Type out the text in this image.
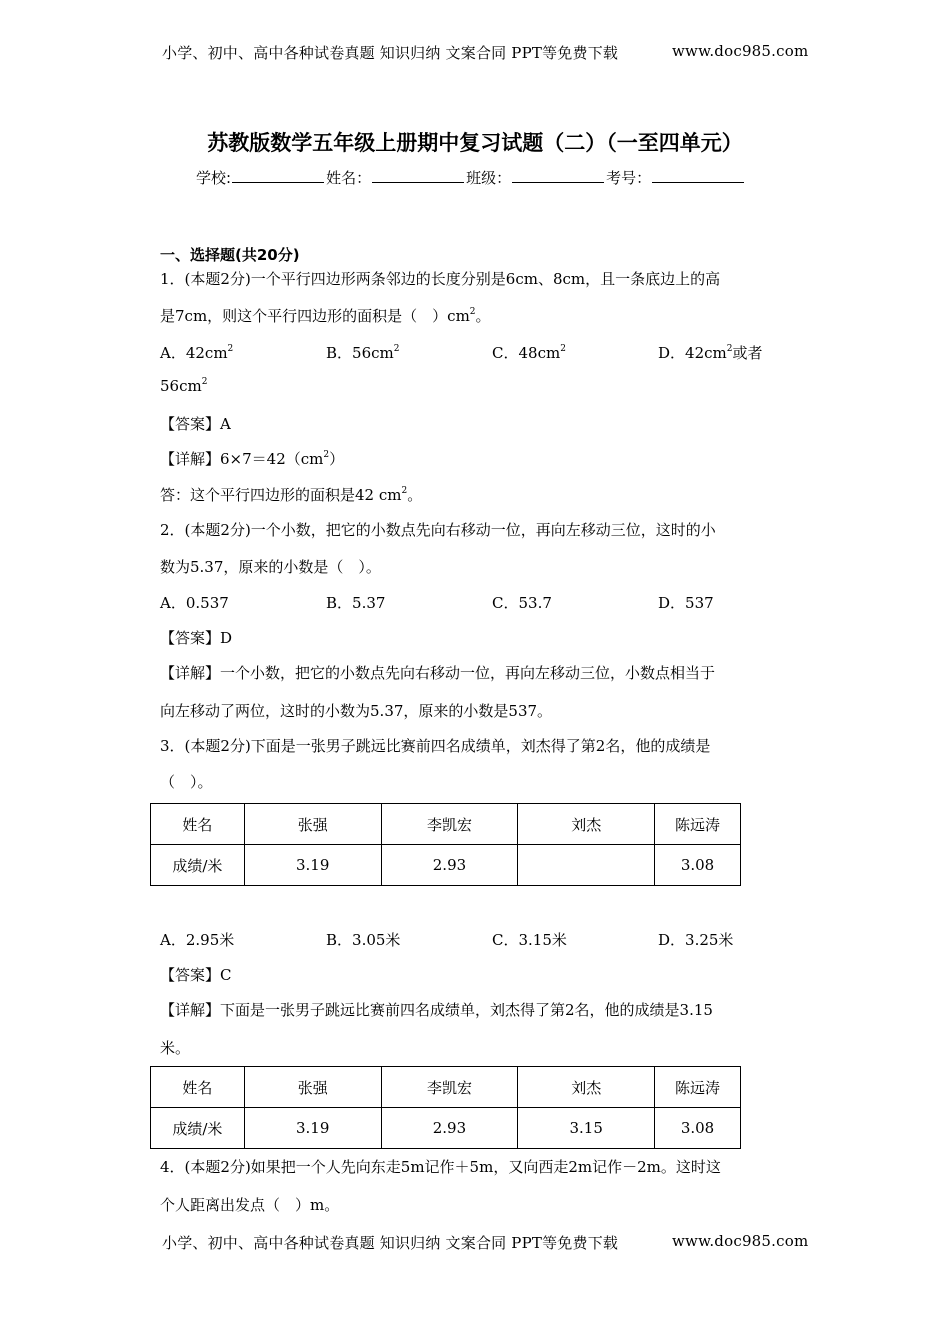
小学、初中、高中各种试卷真题 知识归纳 文案合同 PPT等免费下载	www.doc985.com
苏教版数学五年级上册期中复习试题（二）（一至四单元）
学校:	姓名：	班级：	考号：
一、选择题(共20分)
1．(本题2分)一个平行四边形两条邻边的长度分别是6cm、8cm，且一条底边上的高
是7cm，则这个平行四边形的面积是（　）$cm^2$。
A．$42cm^2$	B．$56cm^2$	C．$48cm^2$	D．$42cm^2$或者
$56cm^2$
【答案】A
【详解】$6\times 7=42(cm^2)$
答：这个平行四边形的面积是42 $cm^2$。
2．(本题2分)一个小数，把它的小数点先向右移动一位，再向左移动三位，这时的小
数为5.37，原来的小数是（　）。
A．0.537	B．5.37	C．53.7	D．537
【答案】D
【详解】一个小数，把它的小数点先向右移动一位，再向左移动三位，小数点相当于
向左移动了两位，这时的小数为5.37，原来的小数是537。
3．(本题2分)下面是一张男子跳远比赛前四名成绩单，刘杰得了第2名，他的成绩是
（　）。
姓名	张强	李凯宏	刘杰	陈远涛
成绩/米	3.19	2.93		3.08
A．2.95米	B．3.05米	C．3.15米	D．3.25米
【答案】C
【详解】下面是一张男子跳远比赛前四名成绩单，刘杰得了第2名，他的成绩是3.15
米。
姓名	张强	李凯宏	刘杰	陈远涛
成绩/米	3.19	2.93	3.15	3.08
4．(本题2分)如果把一个人先向东走5m记作＋5m，又向西走2m记作－2m。这时这
个人距离出发点（　）m。
小学、初中、高中各种试卷真题 知识归纳 文案合同 PPT等免费下载	www.doc985.com
